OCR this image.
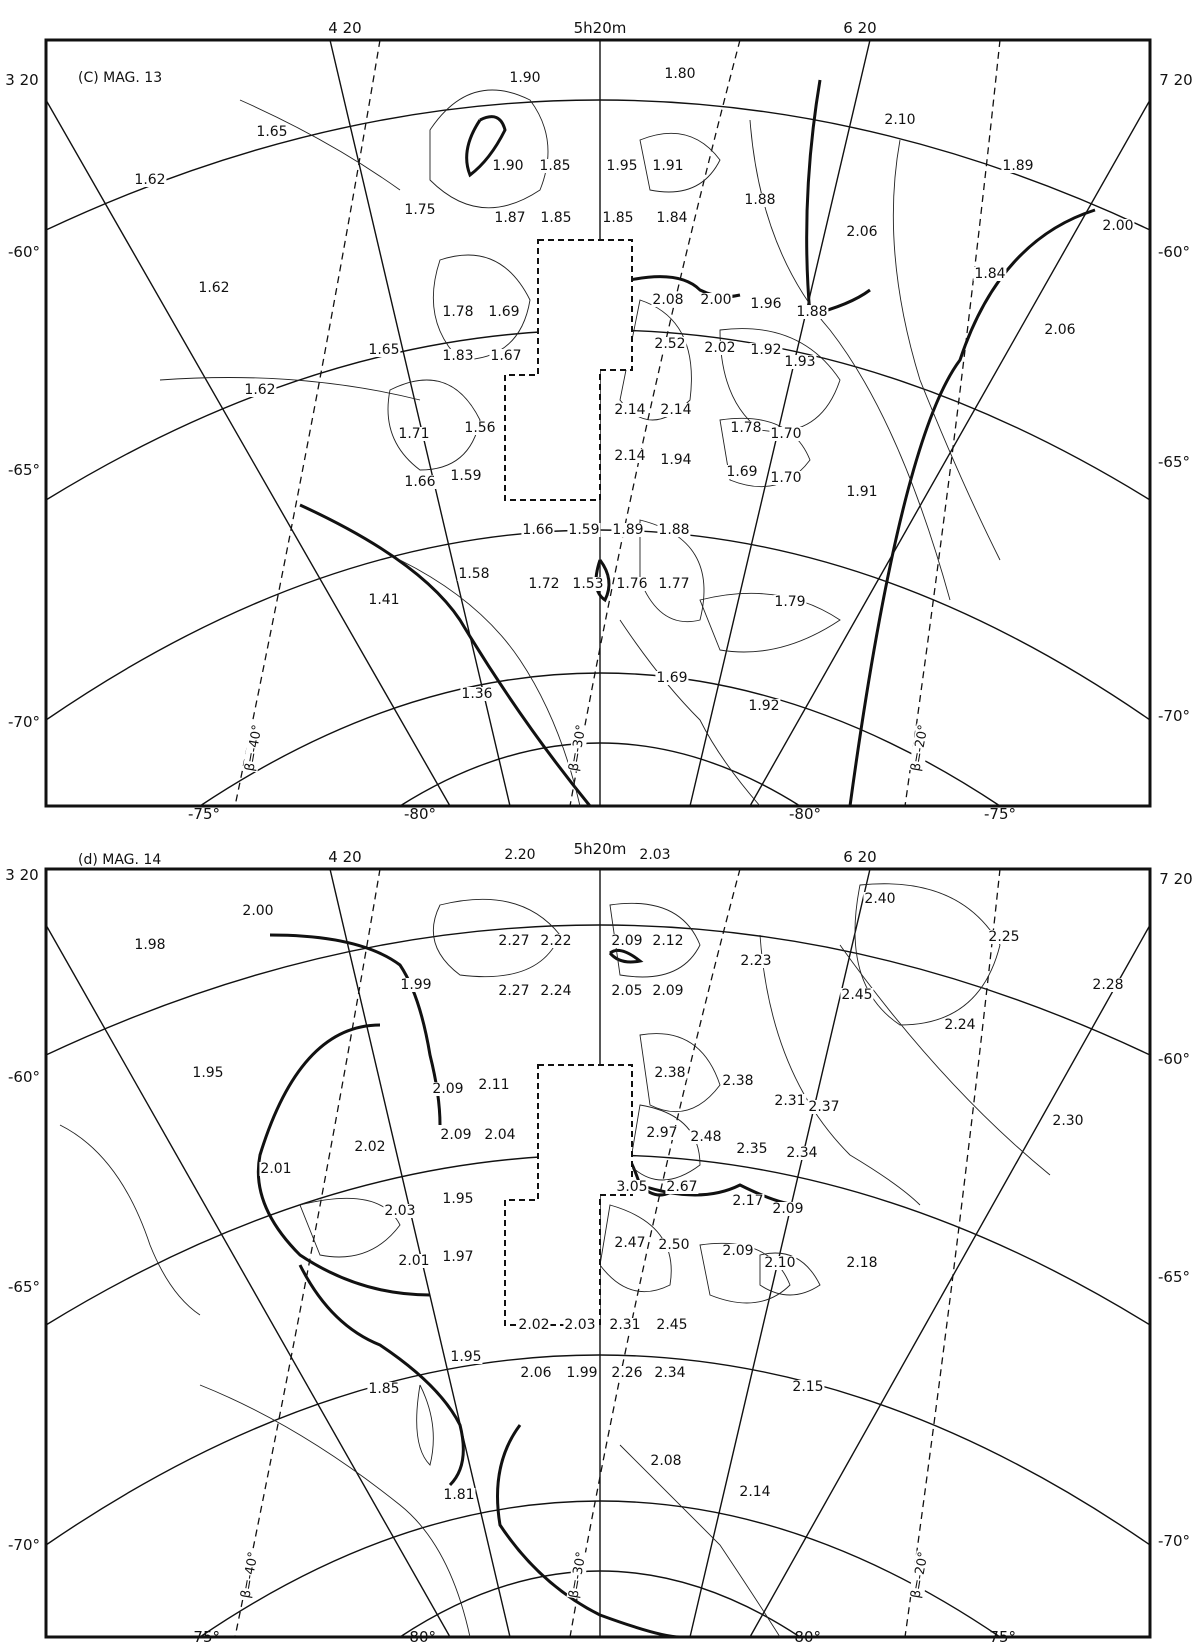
(C) MAG. 13
4 20	5h20m	6 20
3 20
-60°
-65°
-70°
7 20
-60°
-65°
-70°
-75°	-80°	-80°	-75°
β=-40°	β=-30°	β=-20°
1.90	1.80
1.65
2.10
1.62
1.89
1.90 1.85	1.95 1.91
1.75	1.87 1.85 1.85 1.84
1.88
2.06	2.00
1.62
1.84
2.08 2.00 1.96 1.88
1.78 1.69
2.06
1.65	1.83 1.67
2.52 2.02 1.92
1.93
1.62
2.14 2.14
1.56	1.78 1.70
1.71
2.14 1.94
1.66 1.59	1.69 1.70
1.91
1.66 1.59 1.89 1.88
1.58
1.72 1.53 1.76 1.77
1.41	1.79
1.69
1.36
1.92
(d) MAG. 14	4 20	5h20m	6 20
3 20
-60°
-65°
-70°
7 20
-60°
-65°
-70°
-75°	-80°	-80°	-75°
β=-40°	β=-30°	β=-20°
2.20	2.03
2.40
2.00
2.25
2.27 2.22	2.09 2.12
1.98
2.28
1.99	2.27 2.24	2.05 2.09
2.23
2.45
1.95
2.24
2.38	2.38
2.09 2.11
2.31 2.37
2.30
2.97 2.48
2.02
2.09 2.04
2.35 2.34
2.01
3.05 2.67
2.17 2.09
2.03
1.95
2.47 2.50 2.09
2.10	2.18
2.01 1.97
2.02 2.03 2.31 2.45
1.95
2.06 1.99 2.26 2.34
1.85	2.15
2.08
1.81	2.14
